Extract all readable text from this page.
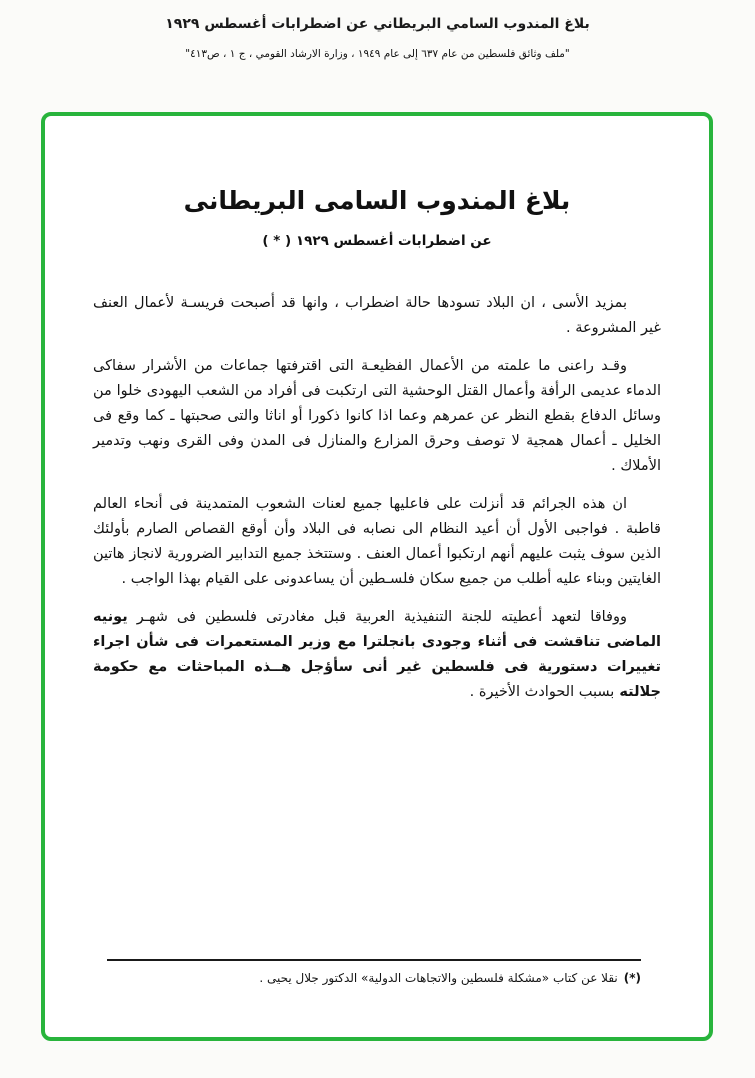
بلاغ المندوب السامي البريطاني عن اضطرابات أغسطس ١٩٢٩
"ملف وثائق فلسطين من عام ٦٣٧ إلى عام ١٩٤٩ ، وزارة الارشاد القومي ، ج ١ ، ص٤١٣"
بلاغ المندوب السامى البريطانى
عن اضطرابات أغسطس ١٩٢٩ ( * )

بمزيد الأسى ، ان البلاد تسودها حالة اضطراب ، وانها قد أصبحت فريسـة لأعمال العنف غير المشروعة .

وقـد راعنى ما علمته من الأعمال الفظيعـة التى اقترفتها جماعات من الأشرار سفاكى الدماء عديمى الرأفة وأعمال القتل الوحشية التى ارتكبت فى أفراد من الشعب اليهودى خلوا من وسائل الدفاع بقطع النظر عن عمرهم وعما اذا كانوا ذكورا أو اناثا والتى صحبتها ـ كما وقع فى الخليل ـ أعمال همجية لا توصف وحرق المزارع والمنازل فى المدن وفى القرى ونهب وتدمير الأملاك .

ان هذه الجرائم قد أنزلت على فاعليها جميع لعنات الشعوب المتمدينة فى أنحاء العالم قاطبة . فواجبى الأول أن أعيد النظام الى نصابه فى البلاد وأن أوقع القصاص الصارم بأولئك الذين سوف يثبت عليهم أنهم ارتكبوا أعمال العنف . وستتخذ جميع التدابير الضرورية لانجاز هاتين الغايتين وبناء عليه أطلب من جميع سكان فلسـطين أن يساعدونى على القيام بهذا الواجب .

ووفاقا لتعهد أعطيته للجنة التنفيذية العربية قبل مغادرتى فلسطين فى شهـر يونيه الماضى تناقشت فى أثناء وجودى بانجلترا مع وزير المستعمرات فى شأن اجراء تغييرات دستورية فى فلسطين غير أنى سأؤجل هــذه المباحثات مع حكومة جلالته بسبب الحوادث الأخيرة .

(*)نقلا عن كتاب «مشكلة فلسطين والاتجاهات الدولية» الدكتور جلال يحيى .
